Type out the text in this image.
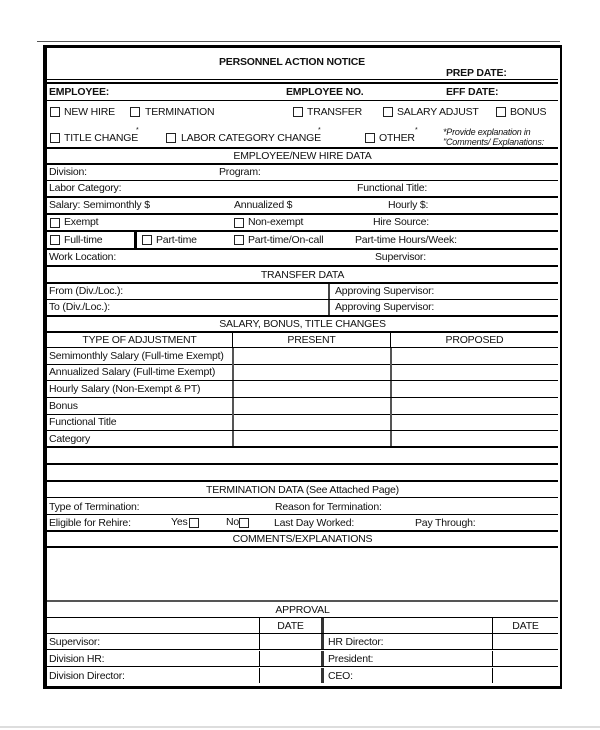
PERSONNEL ACTION NOTICE
PREP DATE:
EMPLOYEE:	EMPLOYEE NO.	EFF DATE:
NEW HIRE	TERMINATION	TRANSFER	SALARY ADJUST	BONUS
TITLE CHANGE
*
LABOR CATEGORY CHANGE
*
OTHER
*	*Provide explanation in
"Comments/ Explanations:
EMPLOYEE/NEW HIRE DATA
Division:	Program:
Labor Category:	Functional Title:
Salary: Semimonthly $	Annualized $	Hourly $:
Exempt	Non-exempt	Hire Source:
Full-time	Part-time	Part-time/On-call	Part-time Hours/Week:
Work Location:	Supervisor:
TRANSFER DATA
From (Div./Loc.):	Approving Supervisor:
To (Div./Loc.):	Approving Supervisor:
SALARY, BONUS, TITLE CHANGES
TYPE OF ADJUSTMENT	PRESENT	PROPOSED
Semimonthly Salary (Full-time Exempt)
Annualized Salary (Full-time Exempt)
Hourly Salary (Non-Exempt & PT)
Bonus
Functional Title
Category
TERMINATION DATA (See Attached Page)
Type of Termination:	Reason for Termination:
Eligible for Rehire:	Yes	No	Last Day Worked:	Pay Through:
COMMENTS/EXPLANATIONS
APPROVAL
DATE	DATE
Supervisor:	HR Director:
Division HR:	President:
Division Director:	CEO:
